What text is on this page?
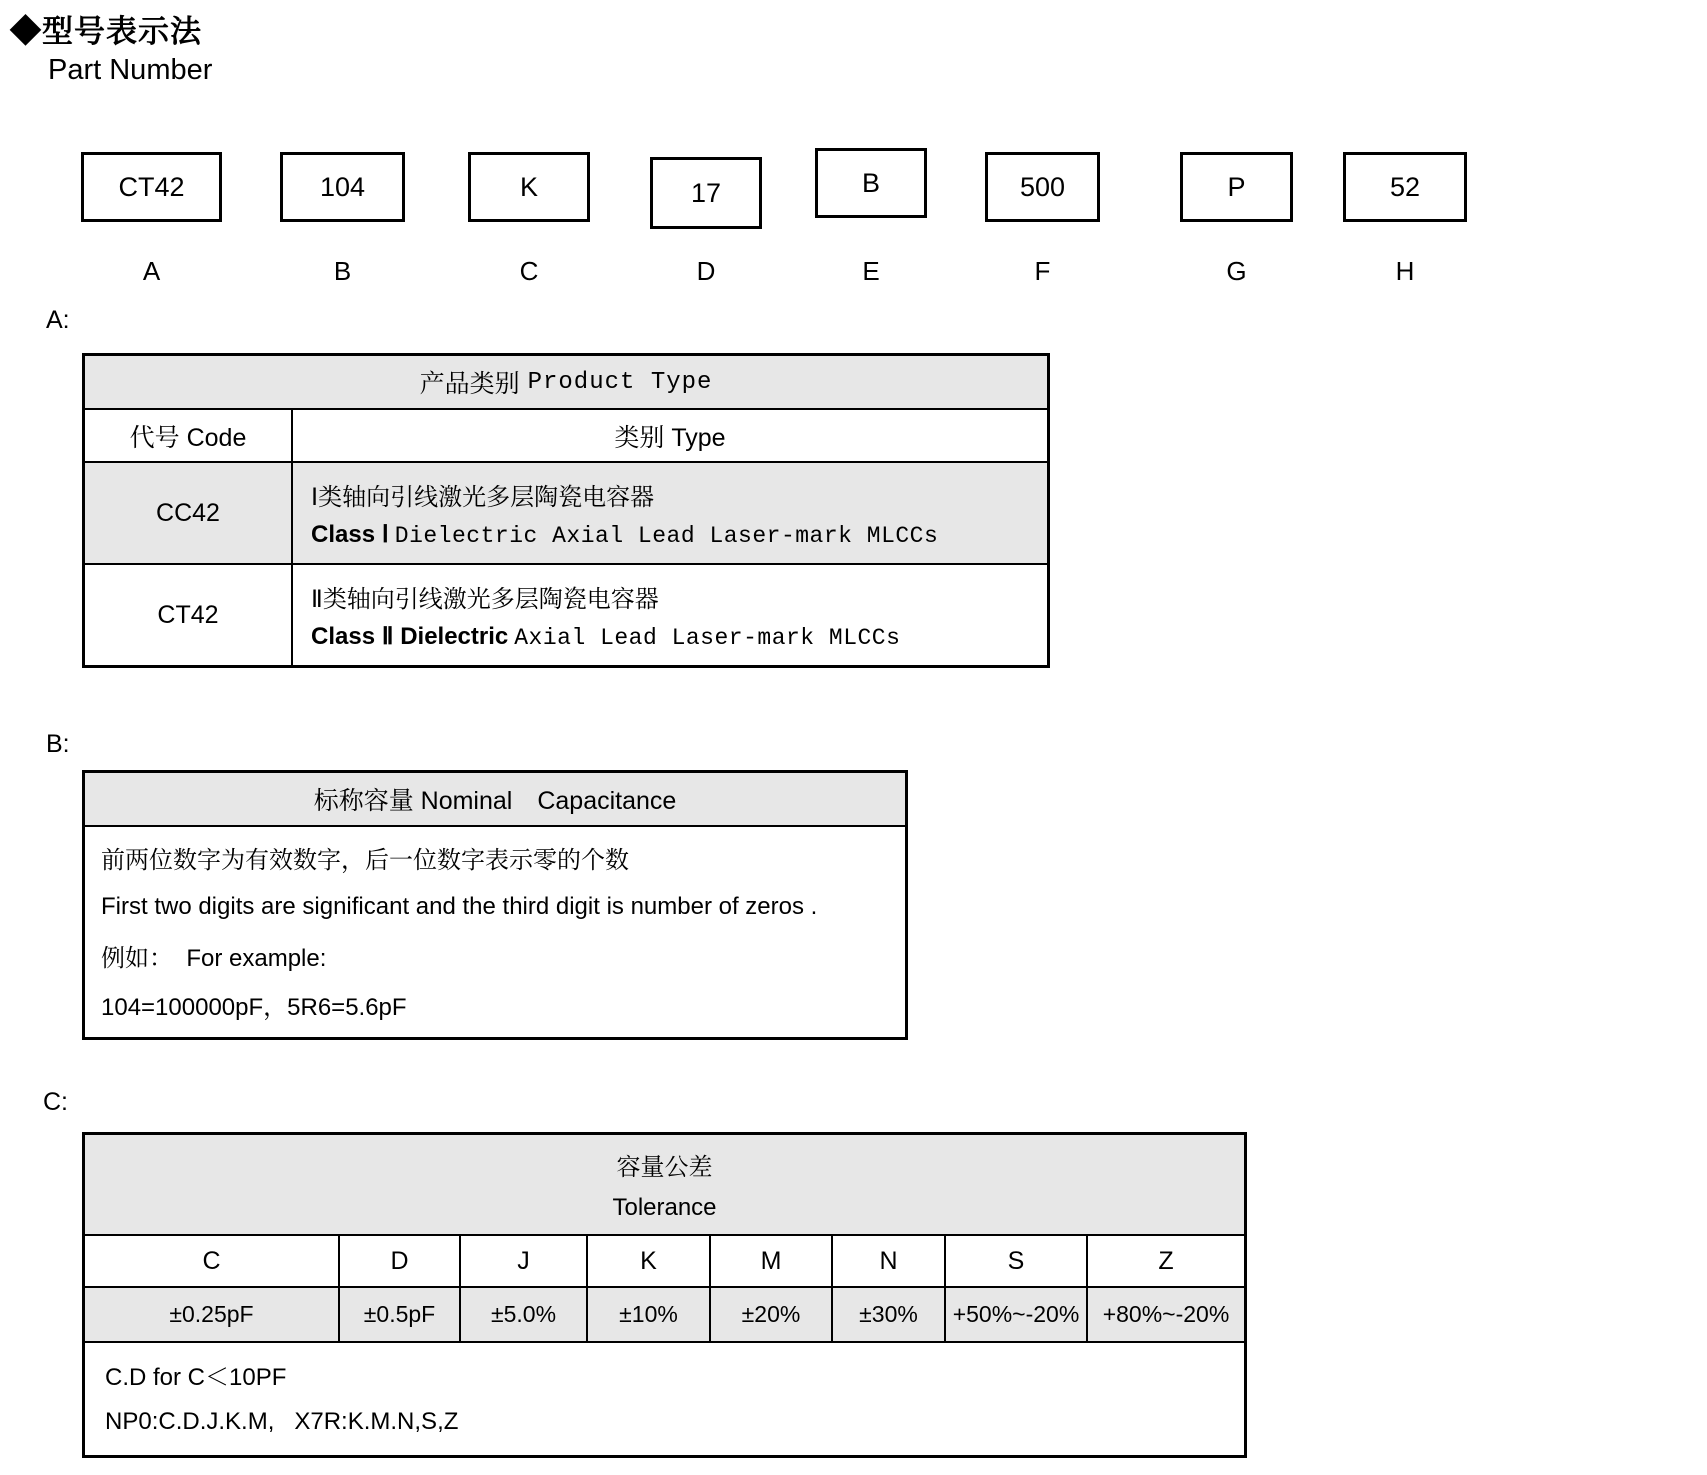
◆型号表示法
Part Number
CT42
A
104
B
K
C
17
D
B
E
500
F
P
G
52
H
A:
产品类别 Product Type
代号 Code	类别 Type
CC42
Ⅰ类轴向引线激光多层陶瓷电容器
Class Ⅰ Dielectric Axial Lead Laser-mark MLCCs
CT42
Ⅱ类轴向引线激光多层陶瓷电容器
Class Ⅱ Dielectric Axial Lead Laser-mark MLCCs
B:
标称容量 Nominal　Capacitance
前两位数字为有效数字，后一位数字表示零的个数
First two digits are significant and the third digit is number of zeros .
例如：  For example:
104=100000pF，5R6=5.6pF
C:
容量公差
Tolerance
C	D	J	K	M	N	S	Z
±0.25pF	±0.5pF	±5.0%	±10%	±20%	±30%	+50%~-20%	+80%~-20%
C.D for C＜10PF
NP0:C.D.J.K.M,   X7R:K.M.N,S,Z
